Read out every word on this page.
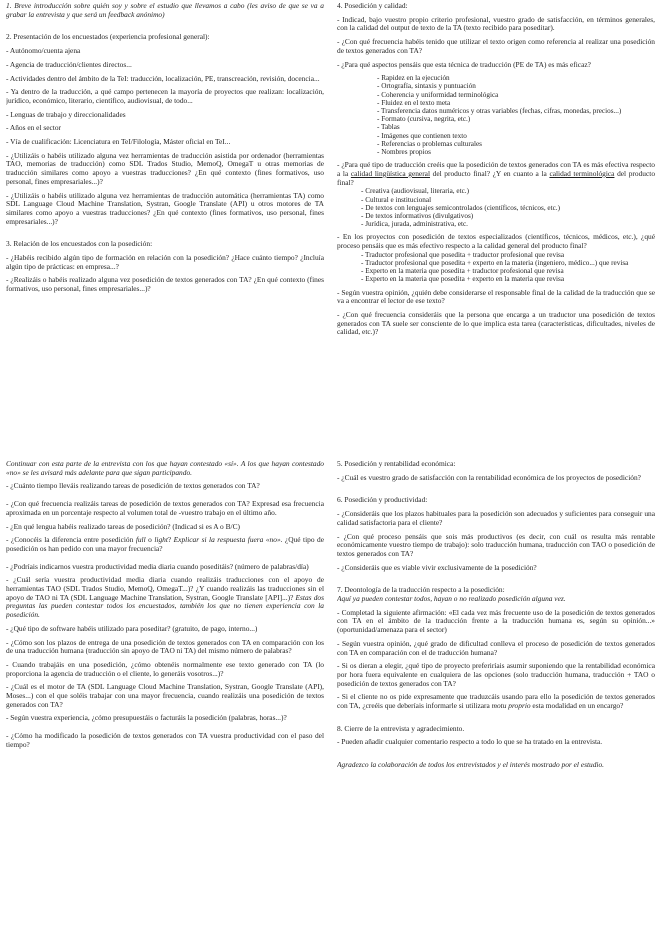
1. Breve introducción sobre quién soy y sobre el estudio que llevamos a cabo (les aviso de que se va a grabar la entrevista y que será un feedback anónimo)

2. Presentación de los encuestados (experiencia profesional general):

- Autónomo/cuenta ajena

- Agencia de traducción/clientes directos...

- Actividades dentro del ámbito de la TeI: traducción, localización, PE, transcreación, revisión, docencia...

- Ya dentro de la traducción, a qué campo pertenecen la mayoría de proyectos que realizan: localización, jurídico, económico, literario, científico, audiovisual, de todo...

- Lenguas de trabajo y direccionalidades

- Años en el sector

- Vía de cualificación: Licenciatura en TeI/Filología, Máster oficial en TeI...

- ¿Utilizáis o habéis utilizado alguna vez herramientas de traducción asistida por ordenador (herramientas TAO, memorias de traducción) como SDL Trados Studio, MemoQ, OmegaT u otras memorias de traducción similares como apoyo a vuestras traducciones? ¿En qué contexto (fines formativos, uso personal, fines empresariales...)?

- ¿Utilizáis o habéis utilizado alguna vez herramientas de traducción automática (herramientas TA) como SDL Language Cloud Machine Translation, Systran, Google Translate (API) u otros motores de TA similares como apoyo a vuestras traducciones? ¿En qué contexto (fines formativos, uso personal, fines empresariales...)?

3. Relación de los encuestados con la posedición:

- ¿Habéis recibido algún tipo de formación en relación con la posedición? ¿Hace cuánto tiempo? ¿Incluía algún tipo de prácticas: en empresa...?

- ¿Realizáis o habéis realizado alguna vez posedición de textos generados con TA? ¿En qué contexto (fines formativos, uso personal, fines empresariales...)?

4. Posedición y calidad:

- Indicad, bajo vuestro propio criterio profesional, vuestro grado de satisfacción, en términos generales, con la calidad del output de texto de la TA (texto recibido para poseditar).

- ¿Con qué frecuencia habéis tenido que utilizar el texto origen como referencia al realizar una posedición de textos generados con TA?

- ¿Para qué aspectos pensáis que esta técnica de traducción (PE de TA) es más eficaz?

- Rapidez en la ejecución
- Ortografía, sintaxis y puntuación
- Coherencia y uniformidad terminológica
- Fluidez en el texto meta
- Transferencia datos numéricos y otras variables (fechas, cifras, monedas, precios...)
- Formato (cursiva, negrita, etc.)
- Tablas
- Imágenes que contienen texto
- Referencias o problemas culturales
- Nombres propios

- ¿Para qué tipo de traducción creéis que la posedición de textos generados con TA es más efectiva respecto a la calidad lingüística general del producto final? ¿Y en cuanto a la calidad terminológica del producto final?

- Creativa (audiovisual, literaria, etc.)
- Cultural e institucional
- De textos con lenguajes semicontrolados (científicos, técnicos, etc.)
- De textos informativos (divulgativos)
- Jurídica, jurada, administrativa, etc.

- En los proyectos con posedición de textos especializados (científicos, técnicos, médicos, etc.), ¿qué proceso pensáis que es más efectivo respecto a la calidad general del producto final?

- Traductor profesional que posedita + traductor profesional que revisa
- Traductor profesional que posedita + experto en la materia (ingeniero, médico...) que revisa
- Experto en la materia que posedita + traductor profesional que revisa
- Experto en la materia que posedita + experto en la materia que revisa

- Según vuestra opinión, ¿quién debe considerarse el responsable final de la calidad de la traducción que se va a encontrar el lector de ese texto?

- ¿Con qué frecuencia consideráis que la persona que encarga a un traductor una posedición de textos generados con TA suele ser consciente de lo que implica esta tarea (características, dificultades, niveles de calidad, etc.)?

Continuar con esta parte de la entrevista con los que hayan contestado «sí». A los que hayan contestado «no» se les avisará más adelante para que sigan participando.

- ¿Cuánto tiempo lleváis realizando tareas de posedición de textos generados con TA?

- ¿Con qué frecuencia realizáis tareas de posedición de textos generados con TA? Expresad esa frecuencia aproximada en un porcentaje respecto al volumen total de -vuestro trabajo en el último año.

- ¿En qué lengua habéis realizado tareas de posedición? (Indicad si es A o B/C)

- ¿Conocéis la diferencia entre posedición full o light? Explicar si la respuesta fuera «no». ¿Qué tipo de posedición os han pedido con una mayor frecuencia?

- ¿Podríais indicarnos vuestra productividad media diaria cuando poseditáis? (número de palabras/día)

- ¿Cuál sería vuestra productividad media diaria cuando realizáis traducciones con el apoyo de herramientas TAO (SDL Trados Studio, MemoQ, OmegaT...)? ¿Y cuando realizáis las traducciones sin el apoyo de TAO ni TA (SDL Language Machine Translation, Systran, Google Translate [API]...)? Estas dos preguntas las pueden contestar todos los encuestados, también los que no tienen experiencia con la posedición.

- ¿Qué tipo de software habéis utilizado para poseditar? (gratuito, de pago, interno...)

- ¿Cómo son los plazos de entrega de una posedición de textos generados con TA en comparación con los de una traducción humana (traducción sin apoyo de TAO ni TA) del mismo número de palabras?

- Cuando trabajáis en una posedición, ¿cómo obtenéis normalmente ese texto generado con TA (lo proporciona la agencia de traducción o el cliente, lo generáis vosotros...)?

- ¿Cuál es el motor de TA (SDL Language Cloud Machine Translation, Systran, Google Translate (API), Moses...) con el que soléis trabajar con una mayor frecuencia, cuando realizáis una posedición de textos generados con TA?

- Según vuestra experiencia, ¿cómo presupuestáis o facturáis la posedición (palabras, horas...)?

- ¿Cómo ha modificado la posedición de textos generados con TA vuestra productividad con el paso del tiempo?

5. Posedición y rentabilidad económica:

- ¿Cuál es vuestro grado de satisfacción con la rentabilidad económica de los proyectos de posedición?

6. Posedición y productividad:

- ¿Consideráis que los plazos habituales para la posedición son adecuados y suficientes para conseguir una calidad satisfactoria para el cliente?

- ¿Con qué proceso pensáis que sois más productivos (es decir, con cuál os resulta más rentable económicamente vuestro tiempo de trabajo): solo traducción humana, traducción con TAO o posedición de textos generados con TA?

- ¿Consideráis que es viable vivir exclusivamente de la posedición?

7. Deontología de la traducción respecto a la posedición:

Aquí ya pueden contestar todos, hayan o no realizado posedición alguna vez.

- Completad la siguiente afirmación: «El cada vez más frecuente uso de la posedición de textos generados con TA en el ámbito de la traducción frente a la traducción humana es, según su opinión...» (oportunidad/amenaza para el sector)

- Según vuestra opinión, ¿qué grado de dificultad conlleva el proceso de posedición de textos generados con TA en comparación con el de traducción humana?

- Si os dieran a elegir, ¿qué tipo de proyecto preferiríais asumir suponiendo que la rentabilidad económica por hora fuera equivalente en cualquiera de las opciones (solo traducción humana, traducción + TAO o posedición de textos generados con TA?

- Si el cliente no os pide expresamente que traduzcáis usando para ello la posedición de textos generados con TA, ¿creéis que deberíais informarle si utilizara motu proprio esta modalidad en un encargo?

8. Cierre de la entrevista y agradecimiento.

- Pueden añadir cualquier comentario respecto a todo lo que se ha tratado en la entrevista.

Agradezco la colaboración de todos los entrevistados y el interés mostrado por el estudio.
